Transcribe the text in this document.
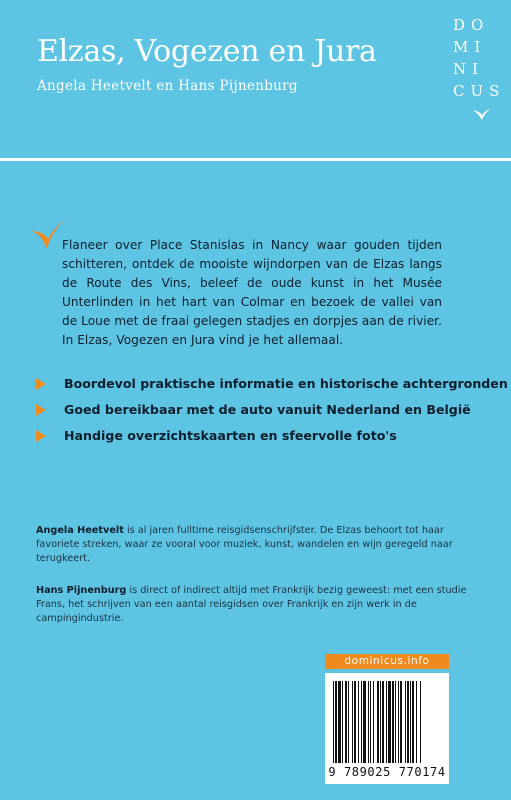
Elzas, Vogezen en Jura
Angela Heetvelt en Hans Pijnenburg
DO
MI
NI
CUS

Flaneer over Place Stanislas in Nancy waar gouden tijden schitteren, ontdek de mooiste wijndorpen van de Elzas langs de Route des Vins, beleef de oude kunst in het Musée Unterlinden in het hart van Colmar en bezoek de vallei van de Loue met de fraai gelegen stadjes en dorpjes aan de rivier. In Elzas, Vogezen en Jura vind je het allemaal.

Boordevol praktische informatie en historische achtergronden
Goed bereikbaar met de auto vanuit Nederland en België
Handige overzichtskaarten en sfeervolle foto's
Angela Heetvelt is al jaren fulltime reisgidsenschrijfster. De Elzas behoort tot haar favoriete streken, waar ze vooral voor muziek, kunst, wandelen en wijn geregeld naar terugkeert.
Hans Pijnenburg is direct of indirect altijd met Frankrijk bezig geweest: met een studie Frans, het schrijven van een aantal reisgidsen over Frankrijk en zijn werk in de campingindustrie.
dominicus.info
9 789025 770174
